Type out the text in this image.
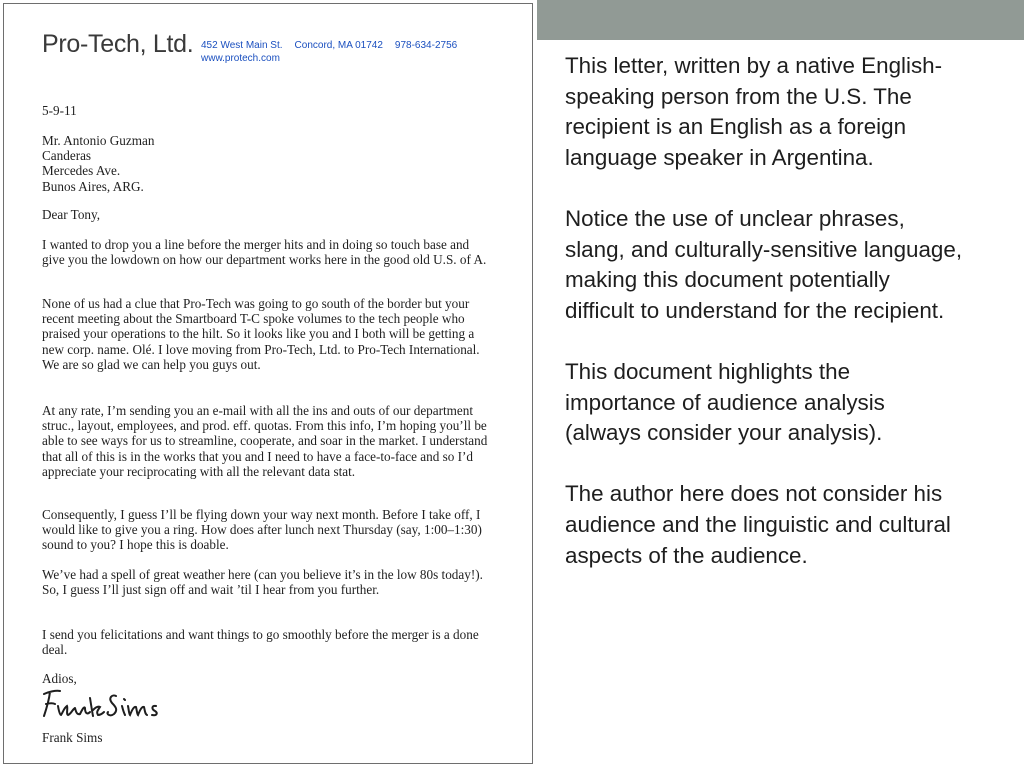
Pro-Tech, Ltd. 452 West Main St. Concord, MA 01742 978-634-2756
www.protech.com

5-9-11

Mr. Antonio Guzman

Canderas

Mercedes Ave.

Bunos Aires, ARG.

Dear Tony,

I wanted to drop you a line before the merger hits and in doing so touch base and give you the lowdown on how our department works here in the good old U.S. of A.

None of us had a clue that Pro-Tech was going to go south of the border but your recent meeting about the Smartboard T-C spoke volumes to the tech people who praised your operations to the hilt. So it looks like you and I both will be getting a new corp. name. Olé. I love moving from Pro-Tech, Ltd. to Pro-Tech International. We are so glad we can help you guys out.

At any rate, I’m sending you an e-mail with all the ins and outs of our department struc., layout, employees, and prod. eff. quotas. From this info, I’m hoping you’ll be able to see ways for us to streamline, cooperate, and soar in the market. I understand that all of this is in the works that you and I need to have a face-to-face and so I’d appreciate your reciprocating with all the relevant data stat.

Consequently, I guess I’ll be flying down your way next month. Before I take off, I would like to give you a ring. How does after lunch next Thursday (say, 1:00–1:30) sound to you? I hope this is doable.

We’ve had a spell of great weather here (can you believe it’s in the low 80s today!). So, I guess I’ll just sign off and wait ’til I hear from you further.

I send you felicitations and want things to go smoothly before the merger is a done deal.

Adios,

Frank Sims

This letter, written by a native English-speaking person from the U.S. The recipient is an English as a foreign language speaker in Argentina.

Notice the use of unclear phrases, slang, and culturally-sensitive language, making this document potentially difficult to understand for the recipient.

This document highlights the importance of audience analysis (always consider your analysis).

The author here does not consider his audience and the linguistic and cultural aspects of the audience.
